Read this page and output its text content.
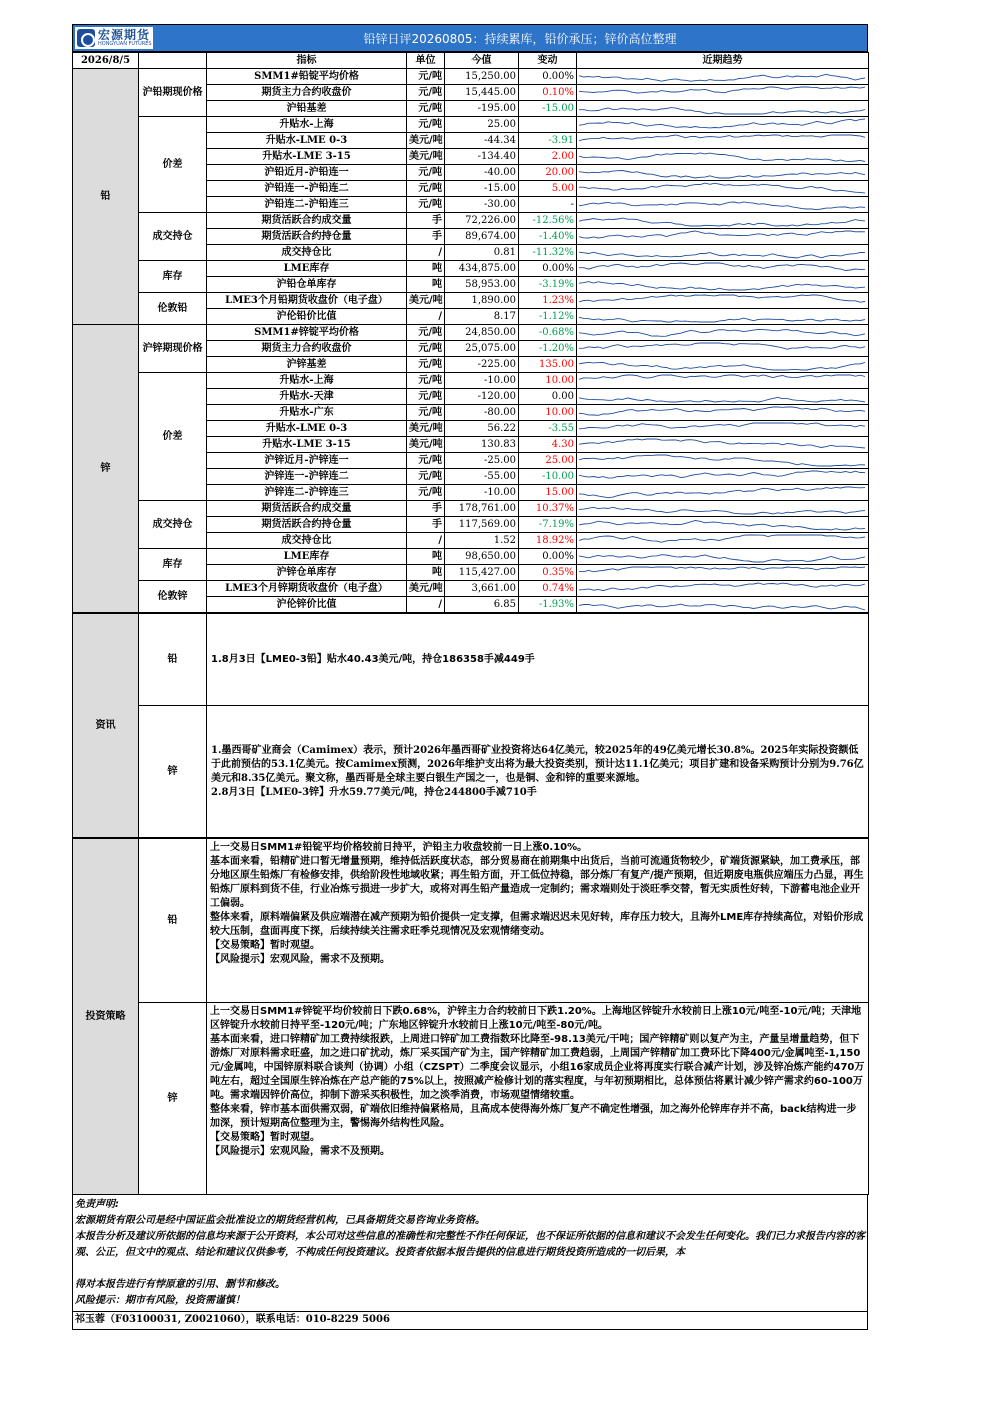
宏源期货
HONGYUAN FUTURES	铅锌日评20260805：持续累库，铅价承压；锌价高位整理
2026/8/5		指标	单位	今值	变动	近期趋势
铅	沪铅期现价格	SMM1#铅锭平均价格	元/吨	15,250.00	0.00%	

		期货主力合约收盘价	元/吨	15,445.00	0.10%	

		沪铅基差	元/吨	-195.00	-15.00	

	价差	升贴水-上海	元/吨	25.00		

		升贴水-LME 0-3	美元/吨	-44.34	-3.91	

		升贴水-LME 3-15	美元/吨	-134.40	2.00	

		沪铅近月-沪铅连一	元/吨	-40.00	20.00	

		沪铅连一-沪铅连二	元/吨	-15.00	5.00	

		沪铅连二-沪铅连三	元/吨	-30.00	-	

	成交持仓	期货活跃合约成交量	手	72,226.00	-12.56%	

		期货活跃合约持仓量	手	89,674.00	-1.40%	

		成交持仓比	/	0.81	-11.32%	

	库存	LME库存	吨	434,875.00	0.00%	

		沪铅仓单库存	吨	58,953.00	-3.19%	

	伦敦铅	LME3个月铅期货收盘价（电子盘）	美元/吨	1,890.00	1.23%	

		沪伦铅价比值	/	8.17	-1.12%	

锌	沪锌期现价格	SMM1#锌锭平均价格	元/吨	24,850.00	-0.68%	

		期货主力合约收盘价	元/吨	25,075.00	-1.20%	

		沪锌基差	元/吨	-225.00	135.00	

	价差	升贴水-上海	元/吨	-10.00	10.00	

		升贴水-天津	元/吨	-120.00	0.00	

		升贴水-广东	元/吨	-80.00	10.00	

		升贴水-LME 0-3	美元/吨	56.22	-3.55	

		升贴水-LME 3-15	美元/吨	130.83	4.30	

		沪锌近月-沪锌连一	元/吨	-25.00	25.00	

		沪锌连一-沪锌连二	元/吨	-55.00	-10.00	

		沪锌连二-沪锌连三	元/吨	-10.00	15.00	

	成交持仓	期货活跃合约成交量	手	178,761.00	10.37%	

		期货活跃合约持仓量	手	117,569.00	-7.19%	

		成交持仓比	/	1.52	18.92%	

	库存	LME库存	吨	98,650.00	0.00%	

		沪锌仓单库存	吨	115,427.00	0.35%	

	伦敦锌	LME3个月锌期货收盘价（电子盘）	美元/吨	3,661.00	0.74%	

		沪伦锌价比值	/	6.85	-1.93%	
资讯	铅	1.8月3日【LME0-3铅】贴水40.43美元/吨，持仓186358手减449手
	锌	1.墨西哥矿业商会（Camimex）表示，预计2026年墨西哥矿业投资将达64亿美元，较2025年的49亿美元增长30.8%。2025年实际投资额低于此前预估的53.1亿美元。按Camimex预测，2026年维护支出将为最大投资类别，预计达11.1亿美元；项目扩建和设备采购预计分别为9.76亿美元和8.35亿美元。聚文称，墨西哥是全球主要白银生产国之一，也是铜、金和锌的重要来源地。

2.8月3日【LME0-3锌】升水59.77美元/吨，持仓244800手减710手

投资策略	铅	上一交易日SMM1#铅锭平均价格较前日持平，沪铅主力收盘较前一日上涨0.10%。

基本面来看，铅精矿进口暂无增量预期，维持低活跃度状态，部分贸易商在前期集中出货后，当前可流通货物较少，矿端货源紧缺，加工费承压，部分地区原生铅炼厂有检修安排，供给阶段性地域收紧；再生铅方面，开工低位持稳，部分炼厂有复产/提产预期，但近期废电瓶供应端压力凸显，再生铅炼厂原料到货不佳，行业冶炼亏损进一步扩大，或将对再生铅产量造成一定制约；需求端则处于淡旺季交替，暂无实质性好转，下游蓄电池企业开工偏弱。

整体来看，原料端偏紧及供应端潜在减产预期为铅价提供一定支撑，但需求端迟迟未见好转，库存压力较大，且海外LME库存持续高位，对铅价形成较大压制，盘面再度下探，后续持续关注需求旺季兑现情况及宏观情绪变动。

【交易策略】暂时观望。

【风险提示】宏观风险，需求不及预期。

	锌	上一交易日SMM1#锌锭平均价较前日下跌0.68%，沪锌主力合约较前日下跌1.20%。上海地区锌锭升水较前日上涨10元/吨至-10元/吨；天津地区锌锭升水较前日持平至-120元/吨；广东地区锌锭升水较前日上涨10元/吨至-80元/吨。

基本面来看，进口锌精矿加工费持续报跌，上周进口锌矿加工费指数环比降至-98.13美元/干吨；国产锌精矿则以复产为主，产量呈增量趋势，但下游炼厂对原料需求旺盛，加之进口矿扰动，炼厂采买国产矿为主，国产锌精矿加工费趋弱，上周国产锌精矿加工费环比下降400元/金属吨至-1,150元/金属吨，中国锌原料联合谈判（协调）小组（CZSPT）二季度会议显示，小组16家成员企业将再度实行联合减产计划，涉及锌冶炼产能约470万吨左右，超过全国原生锌冶炼在产总产能的75%以上，按照减产检修计划的落实程度，与年初预期相比，总体预估将累计减少锌产需求约60-100万吨。需求端因锌价高位，抑制下游采买积极性，加之淡季消费，市场观望情绪较重。

整体来看，锌市基本面供需双弱，矿端依旧维持偏紧格局，且高成本使得海外炼厂复产不确定性增强，加之海外伦锌库存并不高，back结构进一步加深，预计短期高位整理为主，警惕海外结构性风险。

【交易策略】暂时观望。

【风险提示】宏观风险，需求不及预期。

免责声明:

宏源期货有限公司是经中国证监会批准设立的期货经营机构，已具备期货交易咨询业务资格。

本报告分析及建议所依据的信息均来源于公开资料，本公司对这些信息的准确性和完整性不作任何保证，也不保证所依据的信息和建议不会发生任何变化。我们已力求报告内容的客观、公正，但文中的观点、结论和建议仅供参考，不构成任何投资建议。投资者依据本报告提供的信息进行期货投资所造成的一切后果，本

得对本报告进行有悖原意的引用、删节和修改。

风险提示：期市有风险，投资需谨慎！

祁玉蓉（F03100031, Z0021060），联系电话：010-8229 5006
